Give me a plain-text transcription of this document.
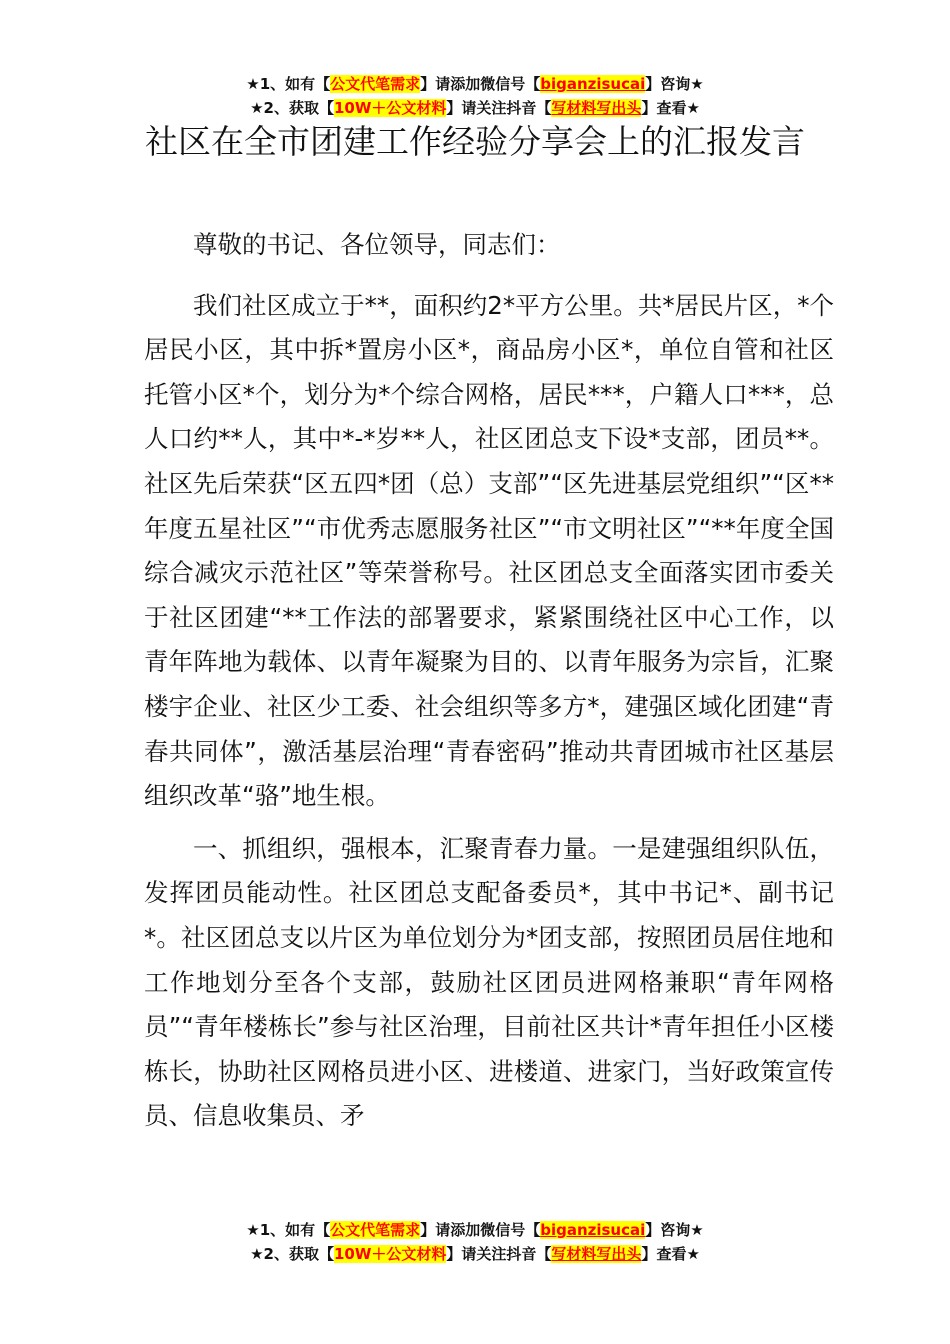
★1、如有【公文代笔需求】请添加微信号【biganzisucai】咨询★
★2、获取【10W＋公文材料】请关注抖音【写材料写出头】查看★
社区在全市团建工作经验分享会上的汇报发言

尊敬的书记、各位领导，同志们：

我们社区成立于**，面积约2*平方公里。共*居民片区，*个居民小区，其中拆*置房小区*，商品房小区*，单位自管和社区托管小区*个，划分为*个综合网格，居民***，户籍人口***，总人口约**人，其中*-*岁**人，社区团总支下设*支部，团员**。社区先后荣获“区五四*团（总）支部”“区先进基层党组织”“区**年度五星社区”“市优秀志愿服务社区”“市文明社区”“**年度全国综合减灾示范社区”等荣誉称号。社区团总支全面落实团市委关于社区团建“**工作法的部署要求，紧紧围绕社区中心工作，以青年阵地为载体、以青年凝聚为目的、以青年服务为宗旨，汇聚楼宇企业、社区少工委、社会组织等多方*，建强区域化团建“青春共同体”，激活基层治理“青春密码”推动共青团城市社区基层组织改革“骆”地生根。

一、抓组织，强根本，汇聚青春力量。一是建强组织队伍，发挥团员能动性。社区团总支配备委员*，其中书记*、副书记*。社区团总支以片区为单位划分为*团支部，按照团员居住地和工作地划分至各个支部，鼓励社区团员进网格兼职“青年网格员”“青年楼栋长”参与社区治理，目前社区共计*青年担任小区楼栋长，协助社区网格员进小区、进楼道、进家门，当好政策宣传员、信息收集员、矛

★1、如有【公文代笔需求】请添加微信号【biganzisucai】咨询★
★2、获取【10W＋公文材料】请关注抖音【写材料写出头】查看★
